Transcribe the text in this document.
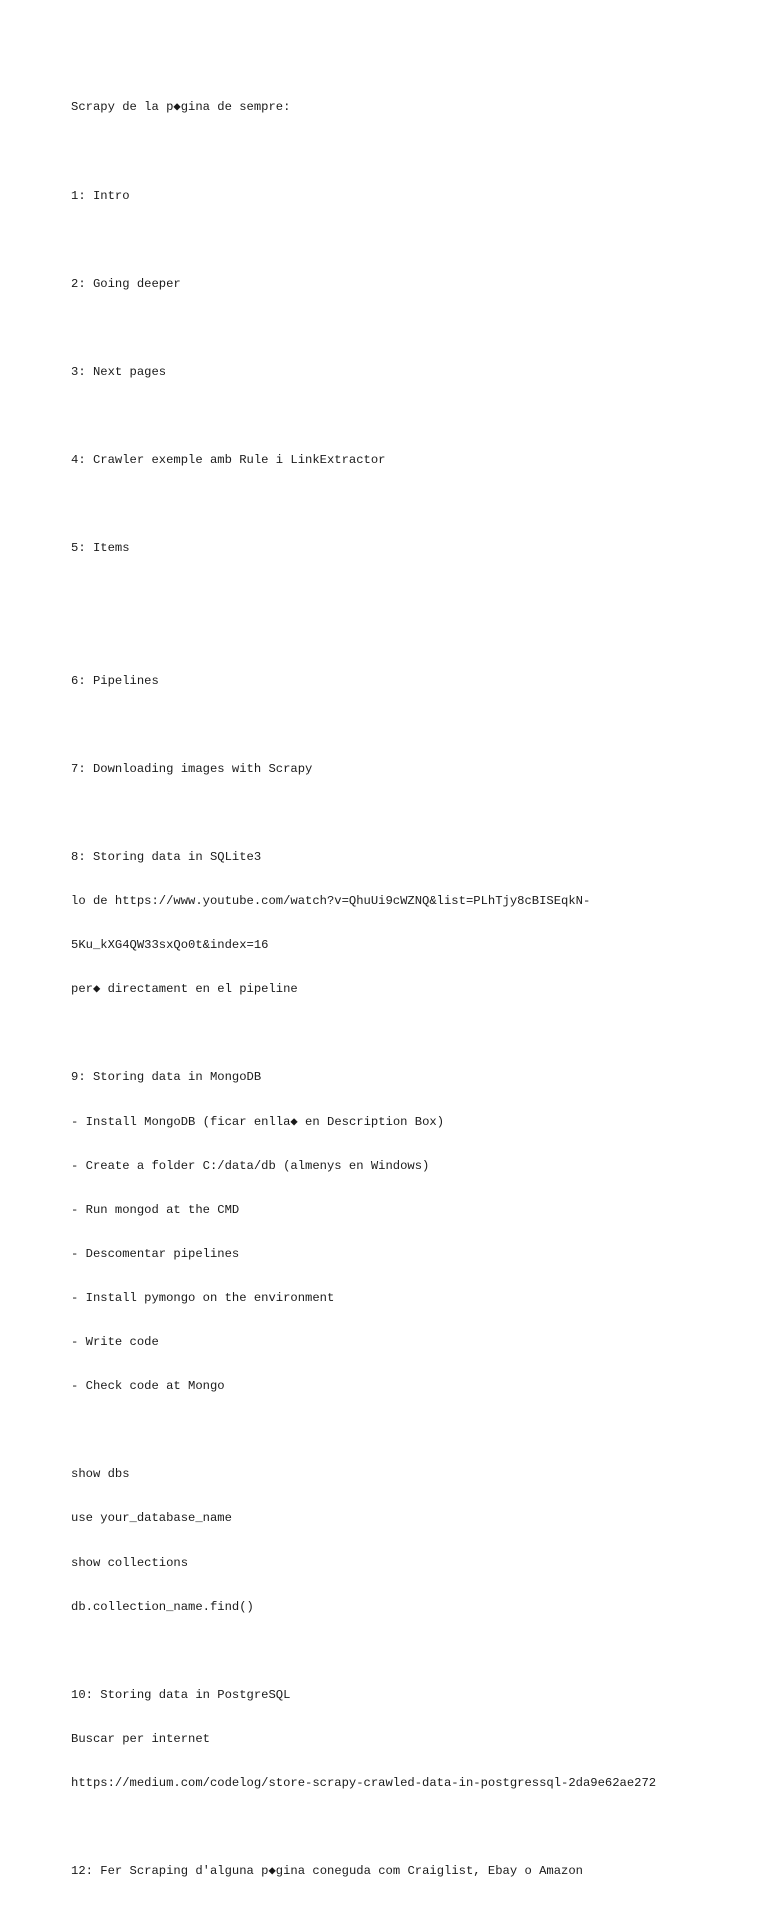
Scrapy de la p◆gina de sempre:

1: Intro

2: Going deeper

3: Next pages

4: Crawler exemple amb Rule i LinkExtractor

5: Items

6: Pipelines

7: Downloading images with Scrapy

8: Storing data in SQLite3

lo de https://www.youtube.com/watch?v=QhuUi9cWZNQ&list=PLhTjy8cBISEqkN-

5Ku_kXG4QW33sxQo0t&index=16

per◆ directament en el pipeline

9: Storing data in MongoDB

- Install MongoDB (ficar enlla◆ en Description Box)

- Create a folder C:/data/db (almenys en Windows)

- Run mongod at the CMD

- Descomentar pipelines

- Install pymongo on the environment

- Write code

- Check code at Mongo

show dbs

use your_database_name

show collections

db.collection_name.find()

10: Storing data in PostgreSQL

Buscar per internet

https://medium.com/codelog/store-scrapy-crawled-data-in-postgressql-2da9e62ae272

12: Fer Scraping d'alguna p◆gina coneguda com Craiglist, Ebay o Amazon
